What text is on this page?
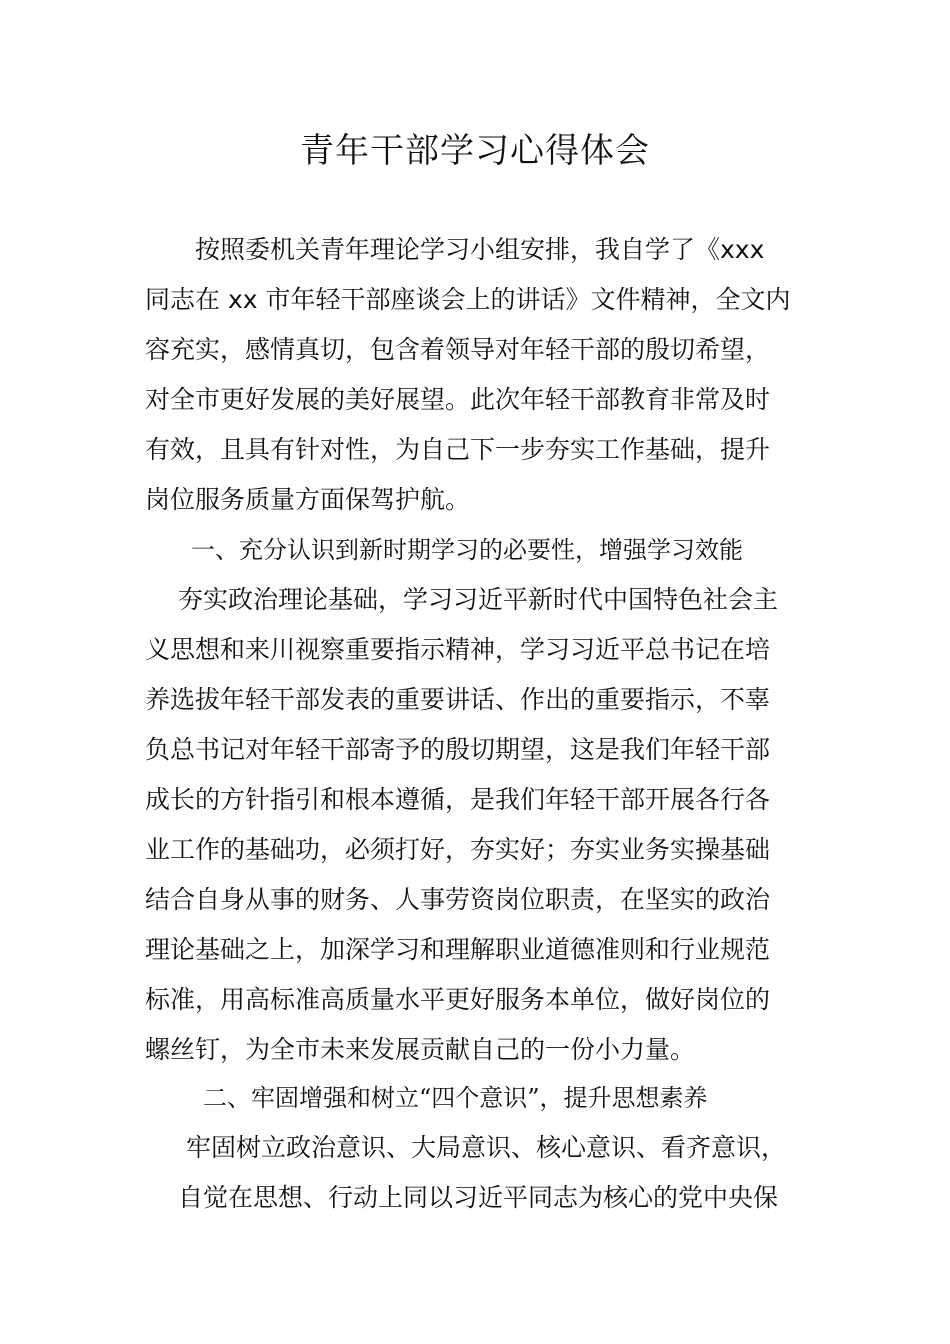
青年干部学习心得体会
按照委机关青年理论学习小组安排，我自学了《xxx
同志在 xx 市年轻干部座谈会上的讲话》文件精神，全文内
容充实，感情真切，包含着领导对年轻干部的殷切希望，
对全市更好发展的美好展望。此次年轻干部教育非常及时
有效，且具有针对性，为自己下一步夯实工作基础，提升
岗位服务质量方面保驾护航。
一、充分认识到新时期学习的必要性，增强学习效能
夯实政治理论基础，学习习近平新时代中国特色社会主
义思想和来川视察重要指示精神，学习习近平总书记在培
养选拔年轻干部发表的重要讲话、作出的重要指示，不辜
负总书记对年轻干部寄予的殷切期望，这是我们年轻干部
成长的方针指引和根本遵循，是我们年轻干部开展各行各
业工作的基础功，必须打好，夯实好；夯实业务实操基础
结合自身从事的财务、人事劳资岗位职责，在坚实的政治
理论基础之上，加深学习和理解职业道德准则和行业规范
标准，用高标准高质量水平更好服务本单位，做好岗位的
螺丝钉，为全市未来发展贡献自己的一份小力量。
二、牢固增强和树立“四个意识”，提升思想素养
牢固树立政治意识、大局意识、核心意识、看齐意识，
自觉在思想、行动上同以习近平同志为核心的党中央保
